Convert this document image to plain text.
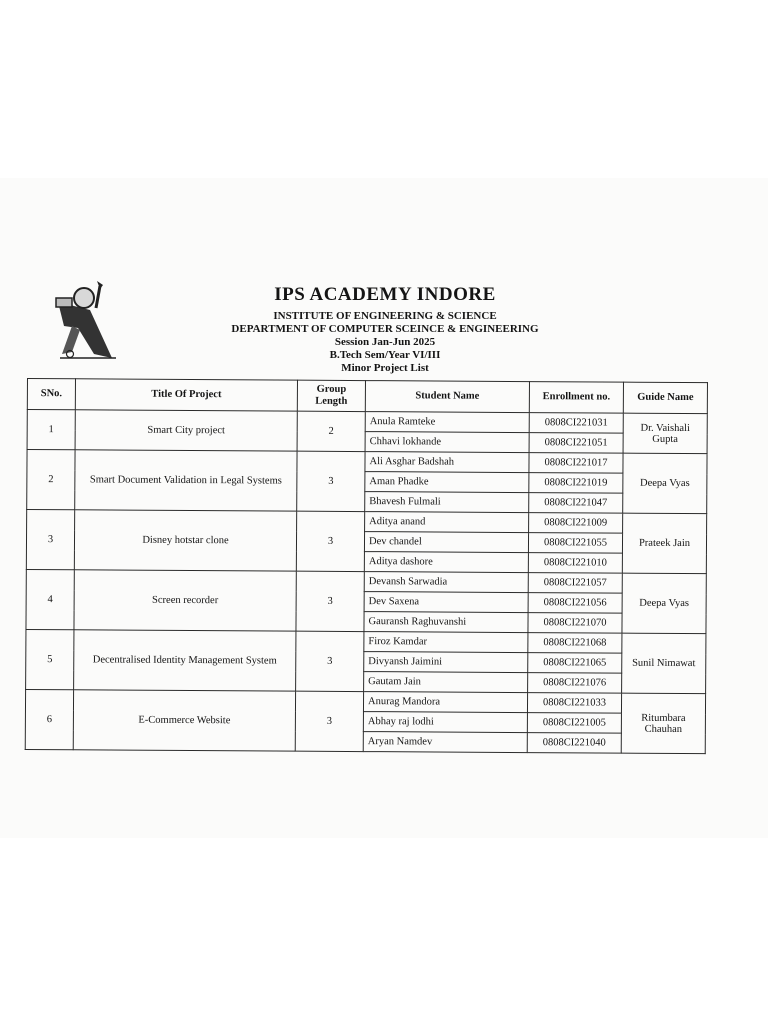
IPS ACADEMY INDORE
INSTITUTE OF ENGINEERING & SCIENCE
DEPARTMENT OF COMPUTER SCEINCE & ENGINEERING
Session Jan-Jun 2025
B.Tech Sem/Year VI/III
Minor Project List
SNo.	Title Of Project	Group Length	Student Name	Enrollment no.	Guide Name
1	Smart City project	2	Anula Ramteke	0808CI221031	Dr. Vaishali Gupta
			Chhavi lokhande	0808CI221051	
2	Smart Document Validation in Legal Systems	3	Ali Asghar Badshah	0808CI221017	Deepa Vyas
			Aman Phadke	0808CI221019	
			Bhavesh Fulmali	0808CI221047	
3	Disney hotstar clone	3	Aditya anand	0808CI221009	Prateek Jain
			Dev chandel	0808CI221055	
			Aditya dashore	0808CI221010	
4	Screen recorder	3	Devansh Sarwadia	0808CI221057	Deepa Vyas
			Dev Saxena	0808CI221056	
			Gauransh Raghuvanshi	0808CI221070	
5	Decentralised Identity Management System	3	Firoz Kamdar	0808CI221068	Sunil Nimawat
			Divyansh Jaimini	0808CI221065	
			Gautam Jain	0808CI221076	
6	E-Commerce Website	3	Anurag Mandora	0808CI221033	Ritumbara Chauhan
			Abhay raj lodhi	0808CI221005	
			Aryan Namdev	0808CI221040	
